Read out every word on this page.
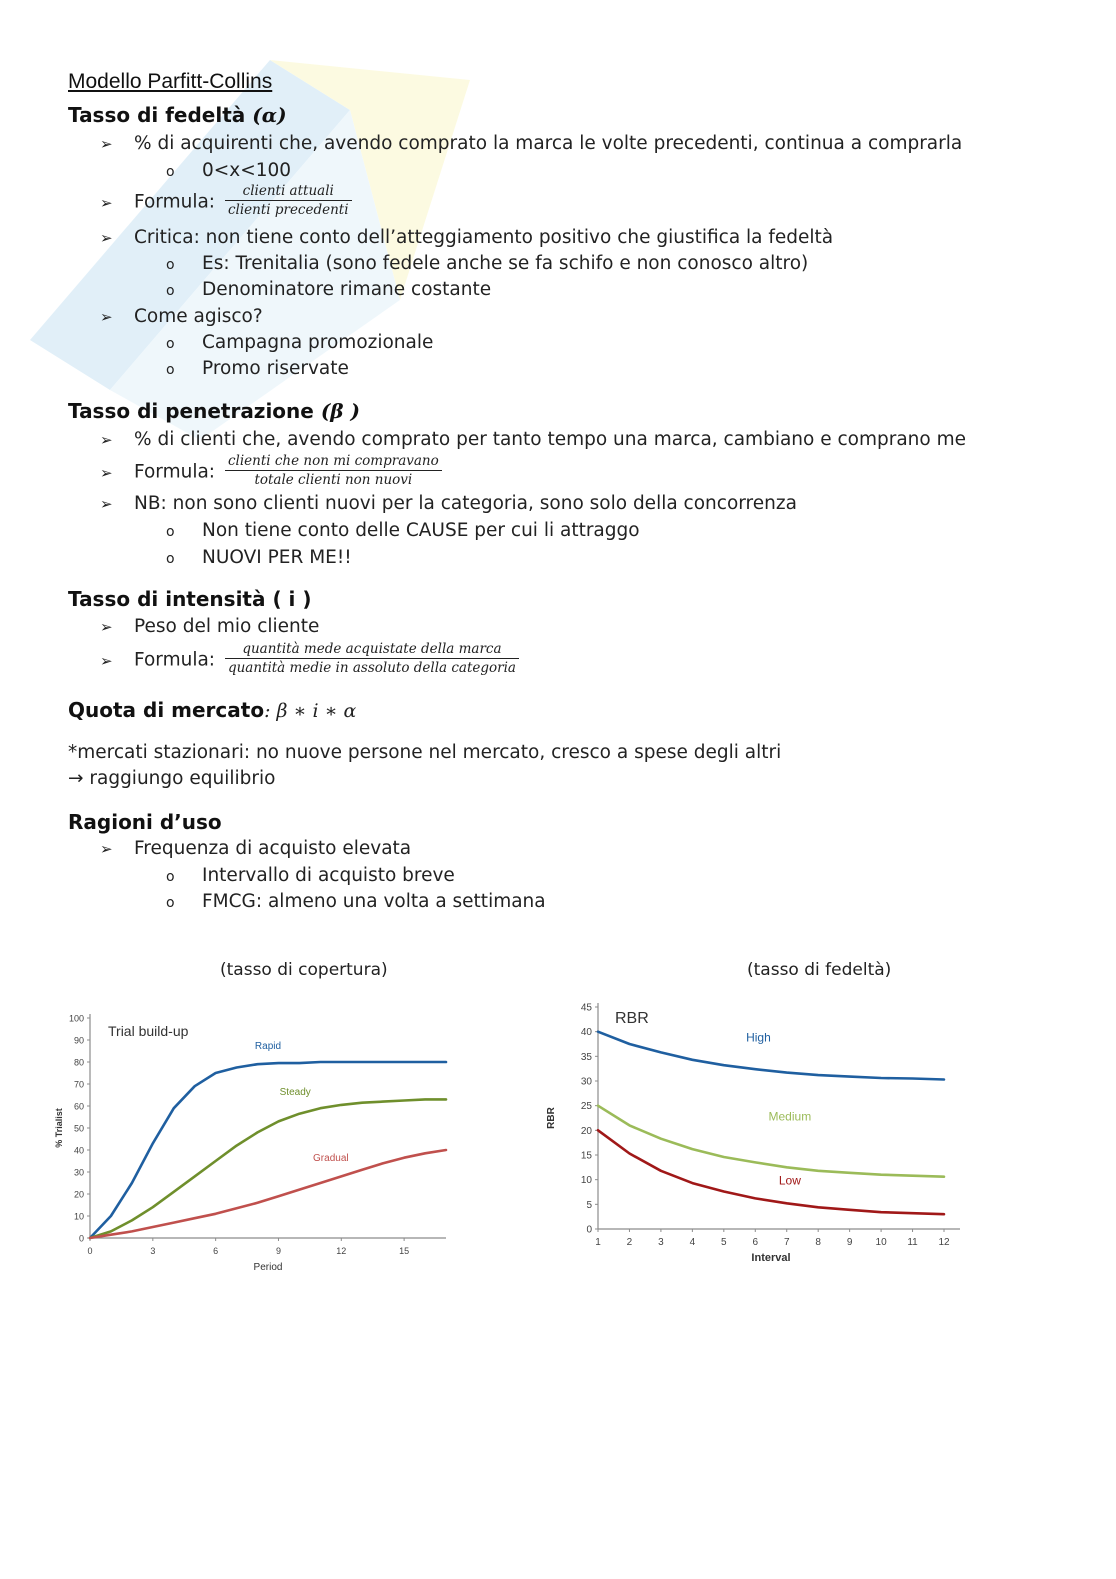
Modello Parfitt-Collins
Tasso di fedeltà (α)
➢ % di acquirenti che, avendo comprato la marca le volte precedenti, continua a comprarla
o 0<x<100
➢ Formula: $\frac{\text{clienti attuali}}{\text{clienti precedenti}}$
➢ Critica: non tiene conto dell’atteggiamento positivo che giustifica la fedeltà
o Es: Trenitalia (sono fedele anche se fa schifo e non conosco altro)
o Denominatore rimane costante
➢ Come agisco?
o Campagna promozionale
o Promo riservate
Tasso di penetrazione (β )
➢ % di clienti che, avendo comprato per tanto tempo una marca, cambiano e comprano me
➢ Formula: $\frac{\text{clienti che non mi compravano}}{\text{totale clienti non nuovi}}$
➢ NB: non sono clienti nuovi per la categoria, sono solo della concorrenza
o Non tiene conto delle CAUSE per cui li attraggo
o NUOVI PER ME!!
Tasso di intensità ( i )
➢ Peso del mio cliente
➢ Formula: $\frac{\text{quantità mede acquistate della marca}}{\text{quantità medie in assoluto della categoria}}$
Quota di mercato: β ∗ i ∗ α
*mercati stazionari: no nuove persone nel mercato, cresco a spese degli altri
→ raggiungo equilibrio
Ragioni d’uso
➢ Frequenza di acquisto elevata
o Intervallo di acquisto breve
o FMCG: almeno una volta a settimana
(tasso di copertura)	(tasso di fedeltà)
0
10
20
30
40
50
60
70
80
90
100
0	3	6	9	12	15
Period
% Trialist
Trial build-up
Rapid
Steady
Gradual
0
5
10
15
20
25
30
35
40
45
1	2	3	4	5	6	7	8	9 10 11 12
Interval
RBR
RBR
High
Medium
Low
